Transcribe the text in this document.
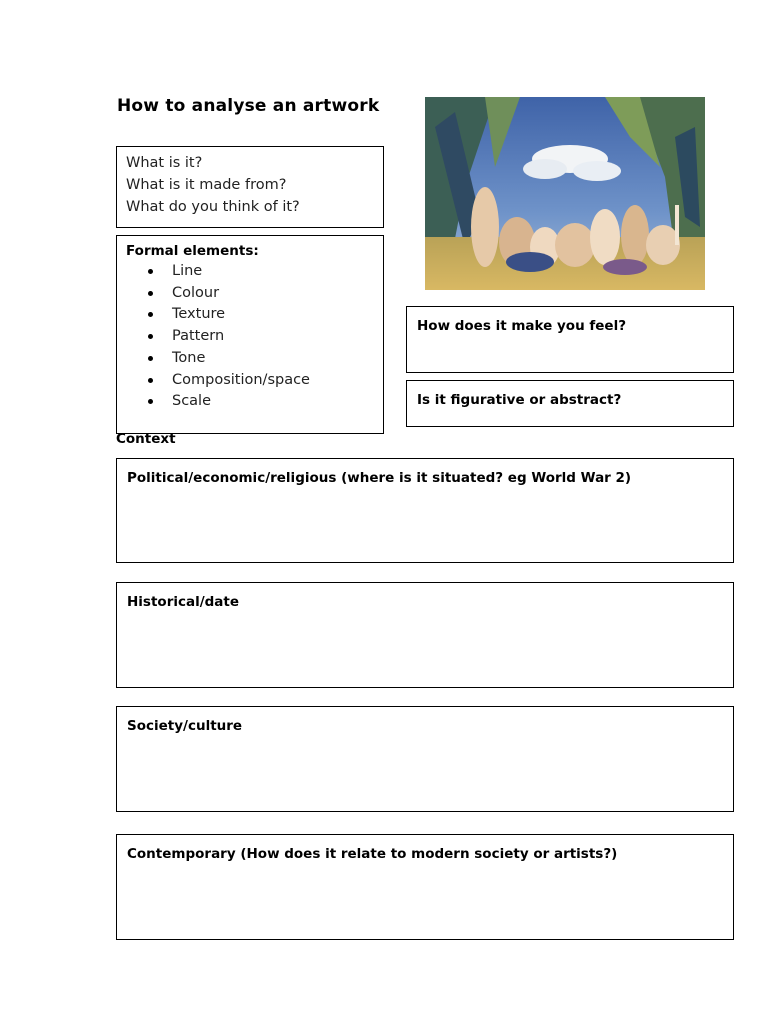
How to analyse an artwork
What is it?
What is it made from?
What do you think of it?
Formal elements:
Line
Colour
Texture
Pattern
Tone
Composition/space
Scale
How does it make you feel?
Is it figurative or abstract?
Context
Political/economic/religious (where is it situated? eg World War 2)
Historical/date
Society/culture
Contemporary (How does it relate to modern society or artists?)
